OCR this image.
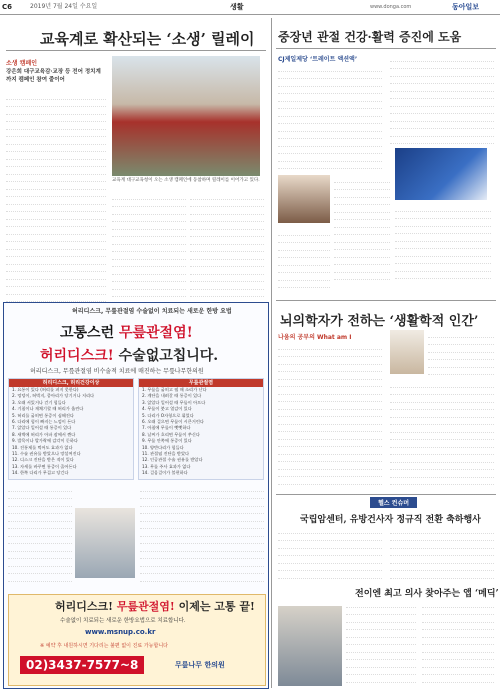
C6	2019년 7월 24일 수요일	생활	www.donga.com	동아일보
교육계로 확산되는 ‘소생’ 릴레이
소생 캠페인
강은희 대구교육감·교장 등 전어 정치계까지 캠페인 참여 줄이어
교육계 대구교육청이 오는 소생 캠페인에 동참하며 릴레이를 이어가고 있다.
허리디스크, 무릎관절염 수술없이 치료되는 새로운 한방 요법
고통스런 무릎관절염!
허리디스크! 수술없고칩니다.
허리디스크, 무릎관절염 비수술적 치료에 매진하는 무릎나무한의원
허리디스크, 허리건강이상
1. 요통이 있다 (허리를 펴지 못한다)
2. 엉덩이, 허벅지, 종아리가 당기거나 저리다
3. 오래 서있거나 걷기 힘들다
4. 기침이나 재채기할 때 허리가 울린다
5. 허리를 굽히면 통증이 심해진다
6. 다리에 힘이 빠지는 느낌이 든다
7. 앉았다 일어설 때 통증이 있다
8. 새벽에 허리가 아파 잠에서 깬다
9. 발목이나 발가락에 감각이 둔하다
10. 진통제를 먹어도 효과가 없다
11. 수술 권유를 받았으나 망설여진다
12. 디스크 진단을 받은 적이 있다
13. 자세를 바꾸면 통증이 줄어든다
14. 한쪽 다리가 무겁고 당긴다
무릎관절염
1. 무릎을 굽히고 펼 때 소리가 난다
2. 계단을 내려갈 때 통증이 있다
3. 앉았다 일어설 때 무릎이 아프다
4. 무릎이 붓고 열감이 있다
5. 다리가 O자형으로 휘었다
6. 오래 걸으면 무릎이 시큰거린다
7. 아침에 무릎이 뻣뻣하다
8. 날씨가 흐리면 무릎이 쑤신다
9. 무릎 안쪽에 통증이 있다
10. 양반다리가 힘들다
11. 관절염 진단을 받았다
12. 인공관절 수술 권유를 받았다
13. 무릎 주사 효과가 없다
14. 걸음걸이가 불편하다
허리디스크! 무릎관절염! 이제는 고통 끝!
수술없이 치료되는 새로운 한방요법으로 치료합니다.
www.msnup.co.kr
※ 예약 후 내원하시면 기다리는 불편 없이 진료 가능합니다
02)3437-7577~8	무릎나무 한의원
중장년 관절 건강·활력 증진에 도움
CJ제일제당 ‘트레이트 액션액’
뇌의학자가 전하는 ‘생활학적 인간’
나움의 공부의 What am I
헬스 컨슈머
국립암센터, 유방건사자 정규직 전환 축하행사
전이엔 최고 의사 찾아주는 앱 ‘메딕’
